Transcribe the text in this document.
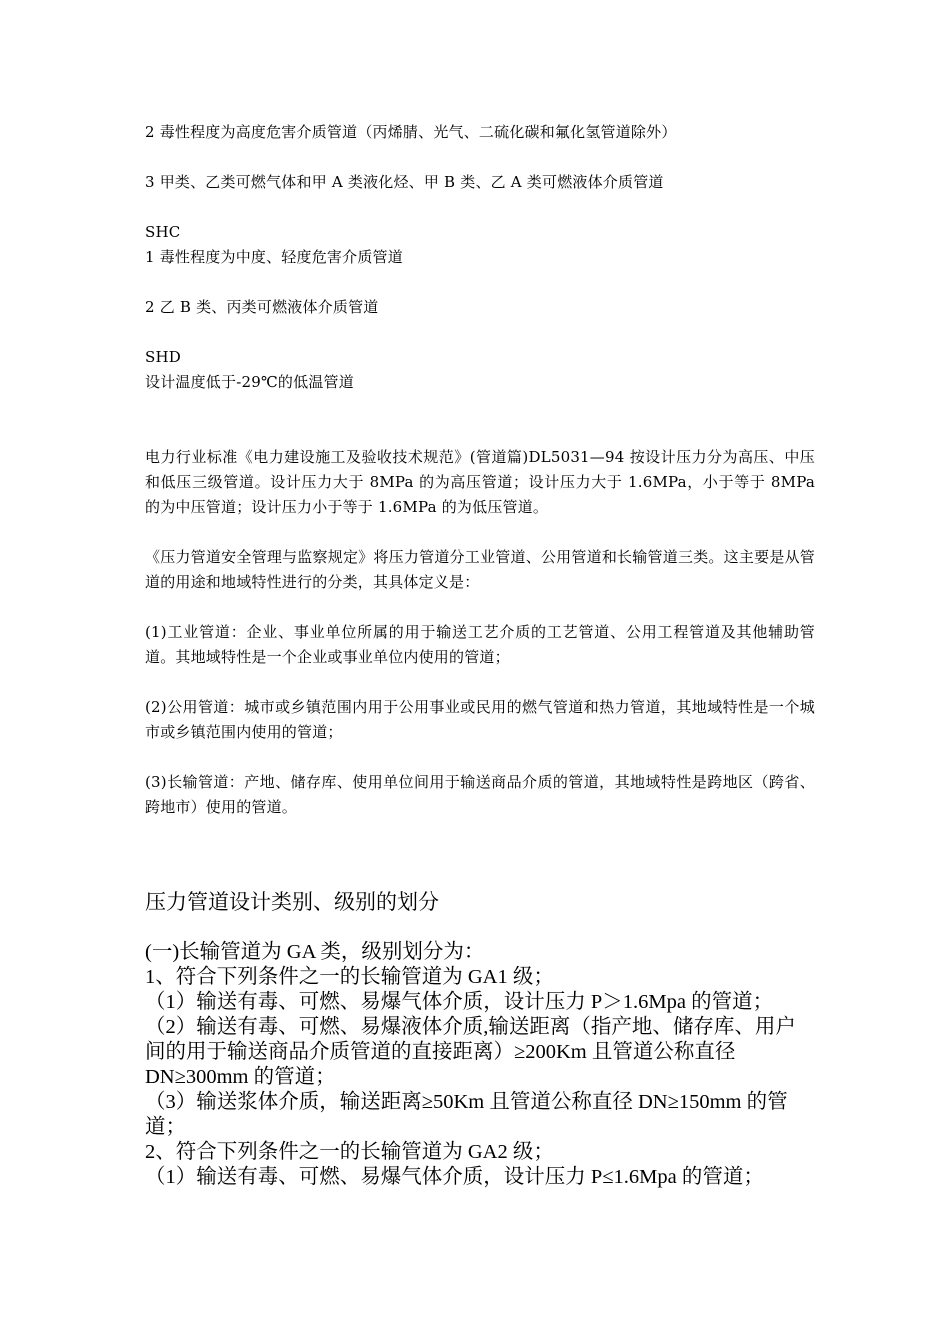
2 毒性程度为高度危害介质管道（丙烯腈、光气、二硫化碳和氟化氢管道除外）

3 甲类、乙类可燃气体和甲 A 类液化烃、甲 B 类、乙 A 类可燃液体介质管道

SHC

1 毒性程度为中度、轻度危害介质管道

2 乙 B 类、丙类可燃液体介质管道

SHD

设计温度低于-29℃的低温管道

电力行业标准《电力建设施工及验收技术规范》(管道篇)DL5031—94 按设计压力分为高压、中压和低压三级管道。设计压力大于 8MPa 的为高压管道；设计压力大于 1.6MPa，小于等于 8MPa 的为中压管道；设计压力小于等于 1.6MPa 的为低压管道。

《压力管道安全管理与监察规定》将压力管道分工业管道、公用管道和长输管道三类。这主要是从管道的用途和地域特性进行的分类，其具体定义是：

(1)工业管道：企业、事业单位所属的用于输送工艺介质的工艺管道、公用工程管道及其他辅助管道。其地域特性是一个企业或事业单位内使用的管道；

(2)公用管道：城市或乡镇范围内用于公用事业或民用的燃气管道和热力管道，其地域特性是一个城市或乡镇范围内使用的管道；

(3)长输管道：产地、储存库、使用单位间用于输送商品介质的管道，其地域特性是跨地区（跨省、跨地市）使用的管道。

压力管道设计类别、级别的划分

(一)长输管道为 GA 类，级别划分为：

1、符合下列条件之一的长输管道为 GA1 级；

（1）输送有毒、可燃、易爆气体介质，设计压力 P＞1.6Mpa 的管道；

（2）输送有毒、可燃、易爆液体介质,输送距离（指产地、储存库、用户间的用于输送商品介质管道的直接距离）≥200Km 且管道公称直径 DN≥300mm 的管道；

（3）输送浆体介质，输送距离≥50Km 且管道公称直径 DN≥150mm 的管道；

2、符合下列条件之一的长输管道为 GA2 级；

（1）输送有毒、可燃、易爆气体介质，设计压力 P≤1.6Mpa 的管道；
